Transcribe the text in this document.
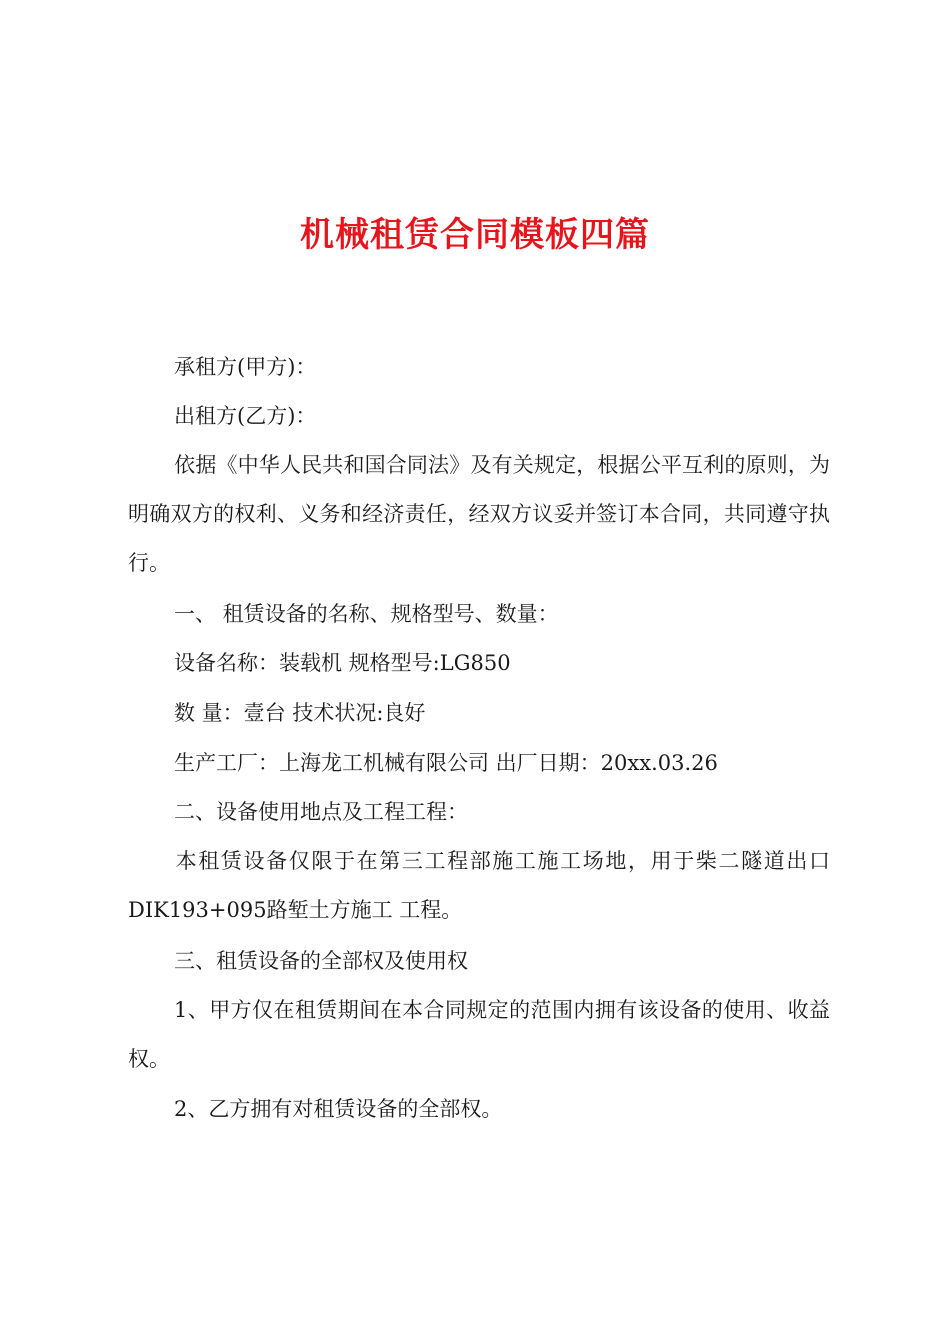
机械租赁合同模板四篇
承租方(甲方)：
出租方(乙方)：
依据《中华人民共和国合同法》及有关规定，根据公平互利的原则，为明确双方的权利、义务和经济责任，经双方议妥并签订本合同，共同遵守执行。
一、 租赁设备的名称、规格型号、数量：
设备名称：装载机 规格型号:LG850
数 量：壹台 技术状况:良好
生产工厂：上海龙工机械有限公司 出厂日期：20xx.03.26
二、设备使用地点及工程工程：
本租赁设备仅限于在第三工程部施工施工场地，用于柴二隧道出口DIK193+095路堑土方施工 工程。
三、租赁设备的全部权及使用权
1、甲方仅在租赁期间在本合同规定的范围内拥有该设备的使用、收益权。
2、乙方拥有对租赁设备的全部权。
